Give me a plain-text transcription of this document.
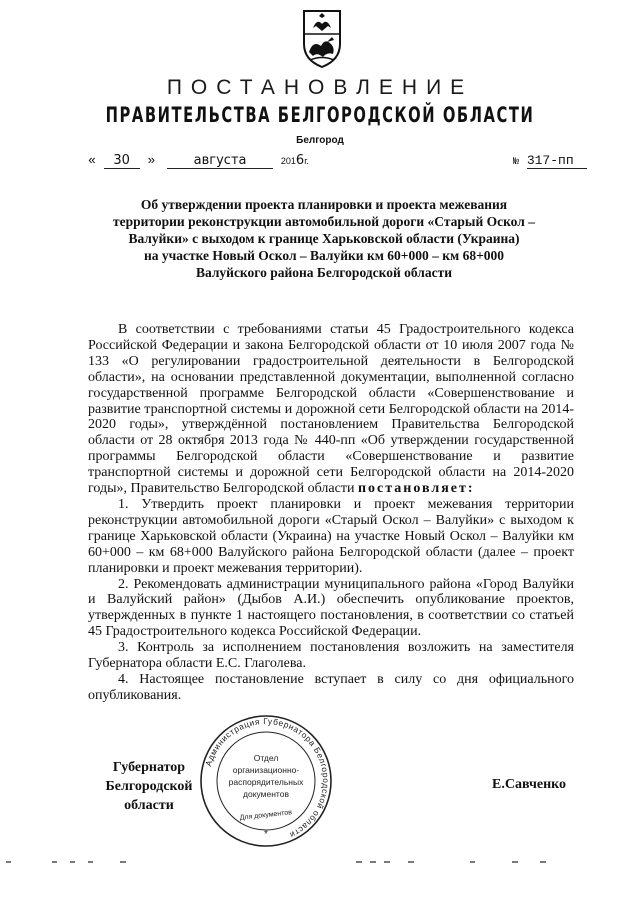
ПОСТАНОВЛЕНИЕ
ПРАВИТЕЛЬСТВА БЕЛГОРОДСКОЙ ОБЛАСТИ
Белгород
« 30 »	августа	2016г.	№ 317-пп
Об утверждении проекта планировки и проекта межевания
территории реконструкции автомобильной дороги «Старый Оскол –
Валуйки» с выходом к границе Харьковской области (Украина)
на участке Новый Оскол – Валуйки км 60+000 – км 68+000
Валуйского района Белгородской области

В соответствии с требованиями статьи 45 Градостроительного кодекса Российской Федерации и закона Белгородской области от 10 июля 2007 года № 133 «О регулировании градостроительной деятельности в Белгородской области», на основании представленной документации, выполненной согласно государственной программе Белгородской области «Совершенствование и развитие транспортной системы и дорожной сети Белгородской области на 2014-2020 годы», утверждённой постановлением Правительства Белгородской области от 28 октября 2013 года № 440-пп «Об утверждении государственной программы Белгородской области «Совершенствование и развитие транспортной системы и дорожной сети Белгородской области на 2014-2020 годы», Правительство Белгородской области постановляет:

1. Утвердить проект планировки и проект межевания территории реконструкции автомобильной дороги «Старый Оскол – Валуйки» с выходом к границе Харьковской области (Украина) на участке Новый Оскол – Валуйки км 60+000 – км 68+000 Валуйского района Белгородской области (далее – проект планировки и проект межевания территории).

2. Рекомендовать администрации муниципального района «Город Валуйки и Валуйский район» (Дыбов А.И.) обеспечить опубликование проектов, утвержденных в пункте 1 настоящего постановления, в соответствии со статьей 45 Градостроительного кодекса Российской Федерации.

3. Контроль за исполнением постановления возложить на заместителя Губернатора области Е.С. Глаголева.

4. Настоящее постановление вступает в силу со дня официального опубликования.

Губернатор
Белгородской области
Администрация Губернатора Белгородской области
Отдел
организационно-
распорядительных
документов
Для документов
*
Е.Савченко
